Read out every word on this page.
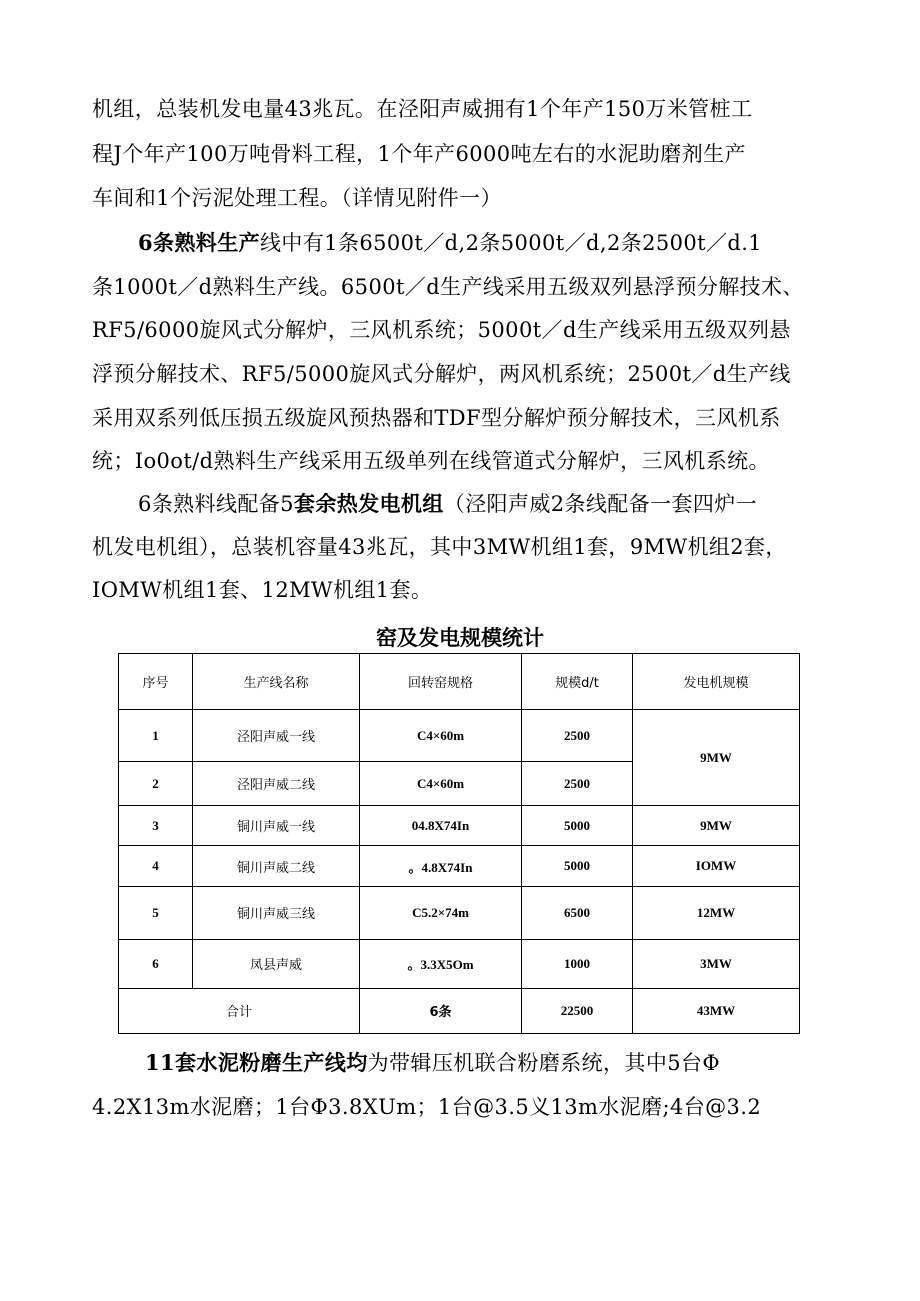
机组，总装机发电量43兆瓦。在泾阳声威拥有1个年产150万米管桩工
程J个年产100万吨骨料工程，1个年产6000吨左右的水泥助磨剂生产
车间和1个污泥处理工程。（详情见附件一）
6条熟料生产线中有1条6500t／d,2条5000t／d,2条2500t／d.1
条1000t／d熟料生产线。6500t／d生产线采用五级双列悬浮预分解技术、
RF5/6000旋风式分解炉，三风机系统；5000t／d生产线采用五级双列悬
浮预分解技术、RF5/5000旋风式分解炉，两风机系统；2500t／d生产线
采用双系列低压损五级旋风预热器和TDF型分解炉预分解技术，三风机系
统；Io0ot/d熟料生产线采用五级单列在线管道式分解炉，三风机系统。
6条熟料线配备5套余热发电机组（泾阳声威2条线配备一套四炉一
机发电机组），总装机容量43兆瓦，其中3MW机组1套，9MW机组2套，
IOMW机组1套、12MW机组1套。
窑及发电规模统计
序号	生产线名称	回转窑规格	规模d/t	发电机规模
1	泾阳声威一线	C4×60m	2500	9MW
2	泾阳声威二线	C4×60m	2500	
3	铜川声威一线	04.8X74In	5000	9MW
4	铜川声威二线	。4.8X74In	5000	IOMW
5	铜川声威三线	C5.2×74m	6500	12MW
6	凤县声威	。3.3X5Om	1000	3MW
合计		6条	22500	43MW
11套水泥粉磨生产线均为带辑压机联合粉磨系统，其中5台Φ
4.2X13m水泥磨；1台Φ3.8XUm；1台@3.5义13m水泥磨;4台@3.2
